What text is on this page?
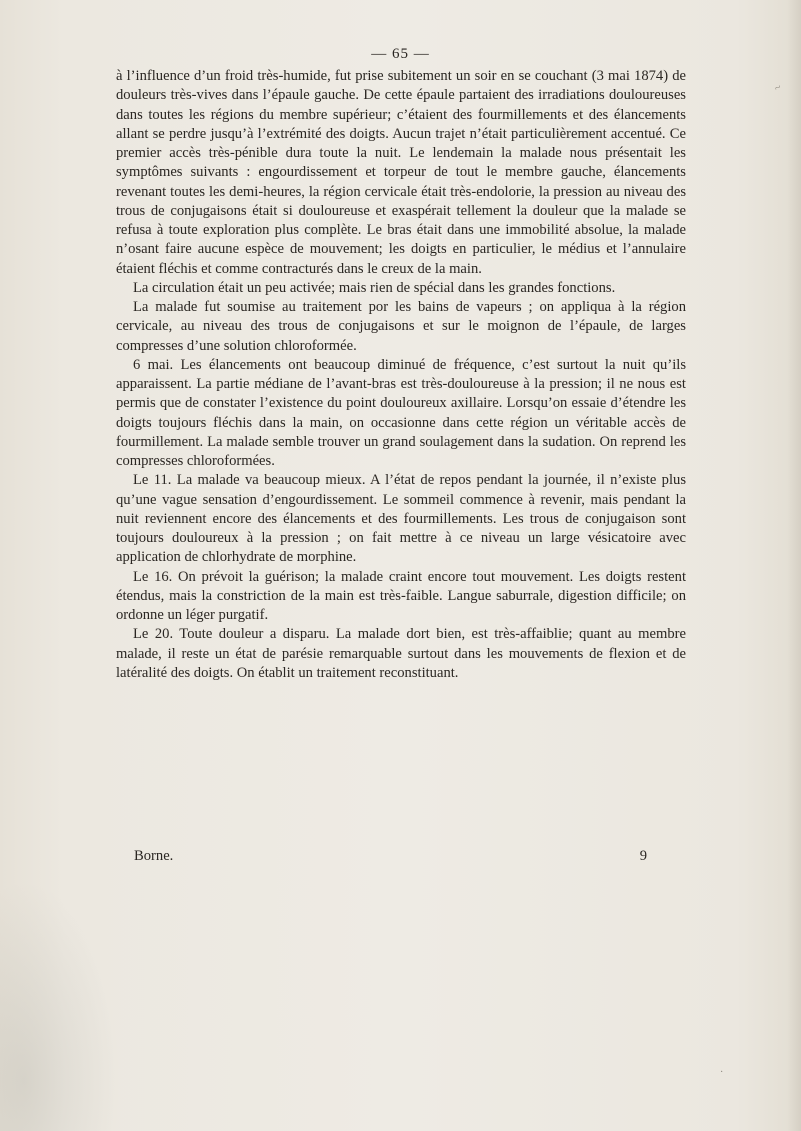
— 65 —

à l’influence d’un froid très-humide, fut prise subitement un soir en se couchant (3 mai 1874) de douleurs très-vives dans l’épaule gauche. De cette épaule partaient des irradiations douloureuses dans toutes les régions du membre supérieur; c’étaient des fourmillements et des élancements allant se perdre jusqu’à l’extrémité des doigts. Aucun trajet n’était particulièrement accentué. Ce premier accès très-pénible dura toute la nuit. Le lendemain la malade nous présentait les symptômes suivants : engourdissement et torpeur de tout le membre gauche, élancements revenant toutes les demi-heures, la région cervicale était très-endolorie, la pression au niveau des trous de conjugaisons était si douloureuse et exaspérait tellement la douleur que la malade se refusa à toute exploration plus complète. Le bras était dans une immobilité absolue, la malade n’osant faire aucune espèce de mouvement; les doigts en particulier, le médius et l’annulaire étaient fléchis et comme contracturés dans le creux de la main.

La circulation était un peu activée; mais rien de spécial dans les grandes fonctions.

La malade fut soumise au traitement por les bains de vapeurs ; on appliqua à la région cervicale, au niveau des trous de conjugaisons et sur le moignon de l’épaule, de larges compresses d’une solution chloroformée.

6 mai. Les élancements ont beaucoup diminué de fréquence, c’est surtout la nuit qu’ils apparaissent. La partie médiane de l’avant-bras est très-douloureuse à la pression; il ne nous est permis que de constater l’existence du point douloureux axillaire. Lorsqu’on essaie d’étendre les doigts toujours fléchis dans la main, on occasionne dans cette région un véritable accès de fourmillement. La malade semble trouver un grand soulagement dans la sudation. On reprend les compresses chloroformées.

Le 11. La malade va beaucoup mieux. A l’état de repos pendant la journée, il n’existe plus qu’une vague sensation d’engourdissement. Le sommeil commence à revenir, mais pendant la nuit reviennent encore des élancements et des fourmillements. Les trous de conjugaison sont toujours douloureux à la pression ; on fait mettre à ce niveau un large vésicatoire avec application de chlorhydrate de morphine.

Le 16. On prévoit la guérison; la malade craint encore tout mouvement. Les doigts restent étendus, mais la constriction de la main est très-faible. Langue saburrale, digestion difficile; on ordonne un léger purgatif.

Le 20. Toute douleur a disparu. La malade dort bien, est très-affaiblie; quant au membre malade, il reste un état de parésie remarquable surtout dans les mouvements de flexion et de latéralité des doigts. On établit un traitement reconstituant.

Borne.	9
~
·
